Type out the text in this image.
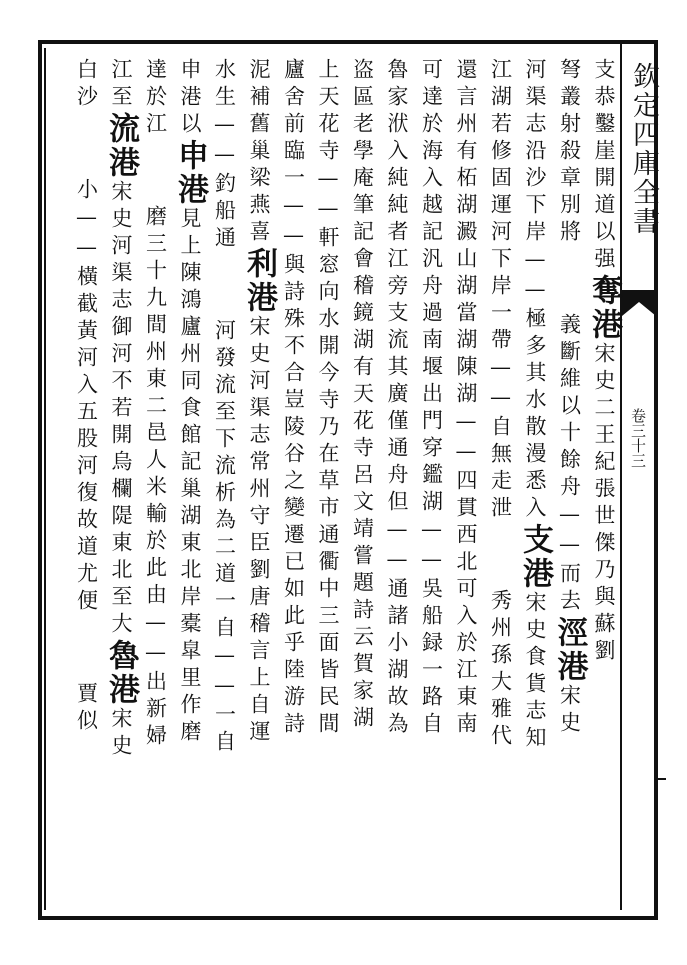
欽定四庫全書
卷三十三
支恭鑿崖開道以强奪港宋史二王紀張世傑乃與蘇劉
弩叢射殺章別將義斷維以十餘舟——而去涇港宋史
河渠志沿沙下岸——極多其水散漫悉入支港宋史食貨志知
江湖若修固運河下岸一帶——自無走泄秀州孫大雅代
還言州有柘湖澱山湖當湖陳湖——四貫西北可入於江東南
可達於海入越記汎舟過南堰出門穿鑑湖——吳船録一路自
魯家洑入純純者江旁支流其廣僅通舟但——通諸小湖故為
盗區老學庵筆記會稽鏡湖有天花寺呂文靖嘗題詩云賀家湖
上天花寺——軒窓向水開今寺乃在草市通衢中三面皆民間
廬舍前臨一——與詩殊不合豈陵谷之變遷已如此乎陸游詩
泥補舊巢梁燕喜利港宋史河渠志常州守臣劉唐稽言上自運
水生——釣船通河發流至下流析為二道一自——一自
申港以申港見上陳鴻廬州同食館記巢湖東北岸橐皐里作磨
達於江磨三十九間州東二邑人米輸於此由——出新婦
江至流港宋史河渠志御河不若開烏欄隄東北至大魯港宋史
白沙小——橫截黃河入五股河復故道尤便賈似
